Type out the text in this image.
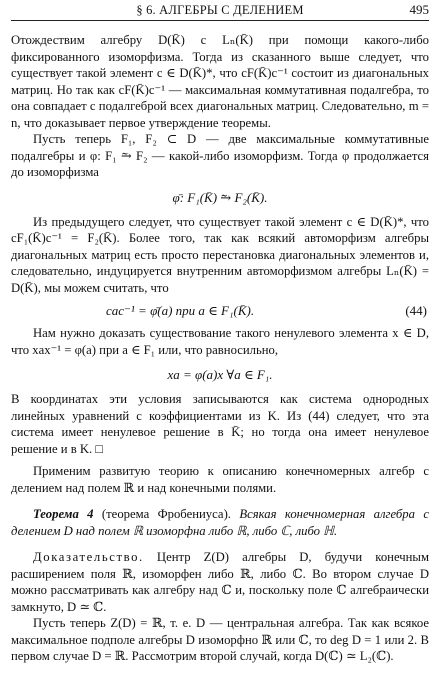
§ 6. АЛГЕБРЫ С ДЕЛЕНИЕМ	495

Отождествим алгебру D(K̄) с Lₙ(K̄) при помощи какого-либо фиксированного изоморфизма. Тогда из сказанного выше следует, что существует такой элемент c ∈ D(K̄)*, что cF(K̄)c⁻¹ состоит из диагональных матриц. Но так как cF(K̄)c⁻¹ — максимальная коммутативная подалгебра, то она совпадает с подалгеброй всех диагональных матриц. Следовательно, m = n, что доказывает первое утверждение теоремы.

Пусть теперь F₁, F₂ ⊂ D — две максимальные коммутативные подалгебры и φ: F₁ ⥲ F₂ — какой-либо изоморфизм. Тогда φ продолжается до изоморфизма

φ̄: F₁(K̄) ⥲ F₂(K̄).

Из предыдущего следует, что существует такой элемент c ∈ D(K̄)*, что cF₁(K̄)c⁻¹ = F₂(K̄). Более того, так как всякий автоморфизм алгебры диагональных матриц есть просто перестановка диагональных элементов и, следовательно, индуцируется внутренним автоморфизмом алгебры Lₙ(K̄) = D(K̄), мы можем считать, что

cac⁻¹ = φ̄(a) при a ∈ F₁(K̄).	(44)

Нам нужно доказать существование такого ненулевого элемента x ∈ D, что xax⁻¹ = φ(a) при a ∈ F₁ или, что равносильно,

xa = φ(a)x ∀a ∈ F₁.

В координатах эти условия записываются как система однородных линейных уравнений с коэффициентами из K. Из (44) следует, что эта система имеет ненулевое решение в K̄; но тогда она имеет ненулевое решение и в K. □

Применим развитую теорию к описанию конечномерных алгебр с делением над полем ℝ и над конечными полями.

Теорема 4 (теорема Фробениуса). Всякая конечномерная алгебра с делением D над полем ℝ изоморфна либо ℝ, либо ℂ, либо ℍ.

Доказательство. Центр Z(D) алгебры D, будучи конечным расширением поля ℝ, изоморфен либо ℝ, либо ℂ. Во втором случае D можно рассматривать как алгебру над ℂ и, поскольку поле ℂ алгебраически замкнуто, D ≃ ℂ.

Пусть теперь Z(D) = ℝ, т. е. D — центральная алгебра. Так как всякое максимальное подполе алгебры D изоморфно ℝ или ℂ, то deg D = 1 или 2. В первом случае D = ℝ. Рассмотрим второй случай, когда D(ℂ) ≃ L₂(ℂ).
